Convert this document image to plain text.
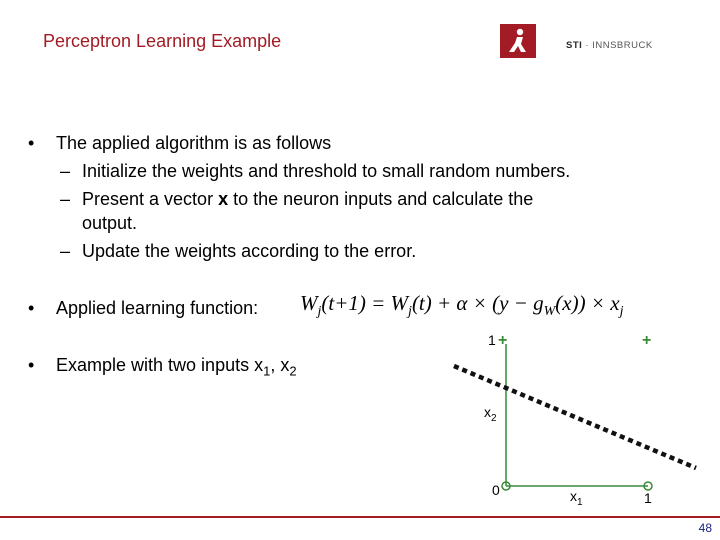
Perceptron Learning Example	STI · INNSBRUCK
• The applied algorithm is as follows
– Initialize the weights and threshold to small random numbers.
– Present a vector x to the neuron inputs and calculate the
output.
– Update the weights according to the error.
• Applied learning function: $W_j(t+1) = W_j(t) + \alpha \times (y - g_W(x)) \times x_j$
• Example with two inputs $x_1$, $x_2$
1 +	+
$x_2$
0	$x_1$	1
48
